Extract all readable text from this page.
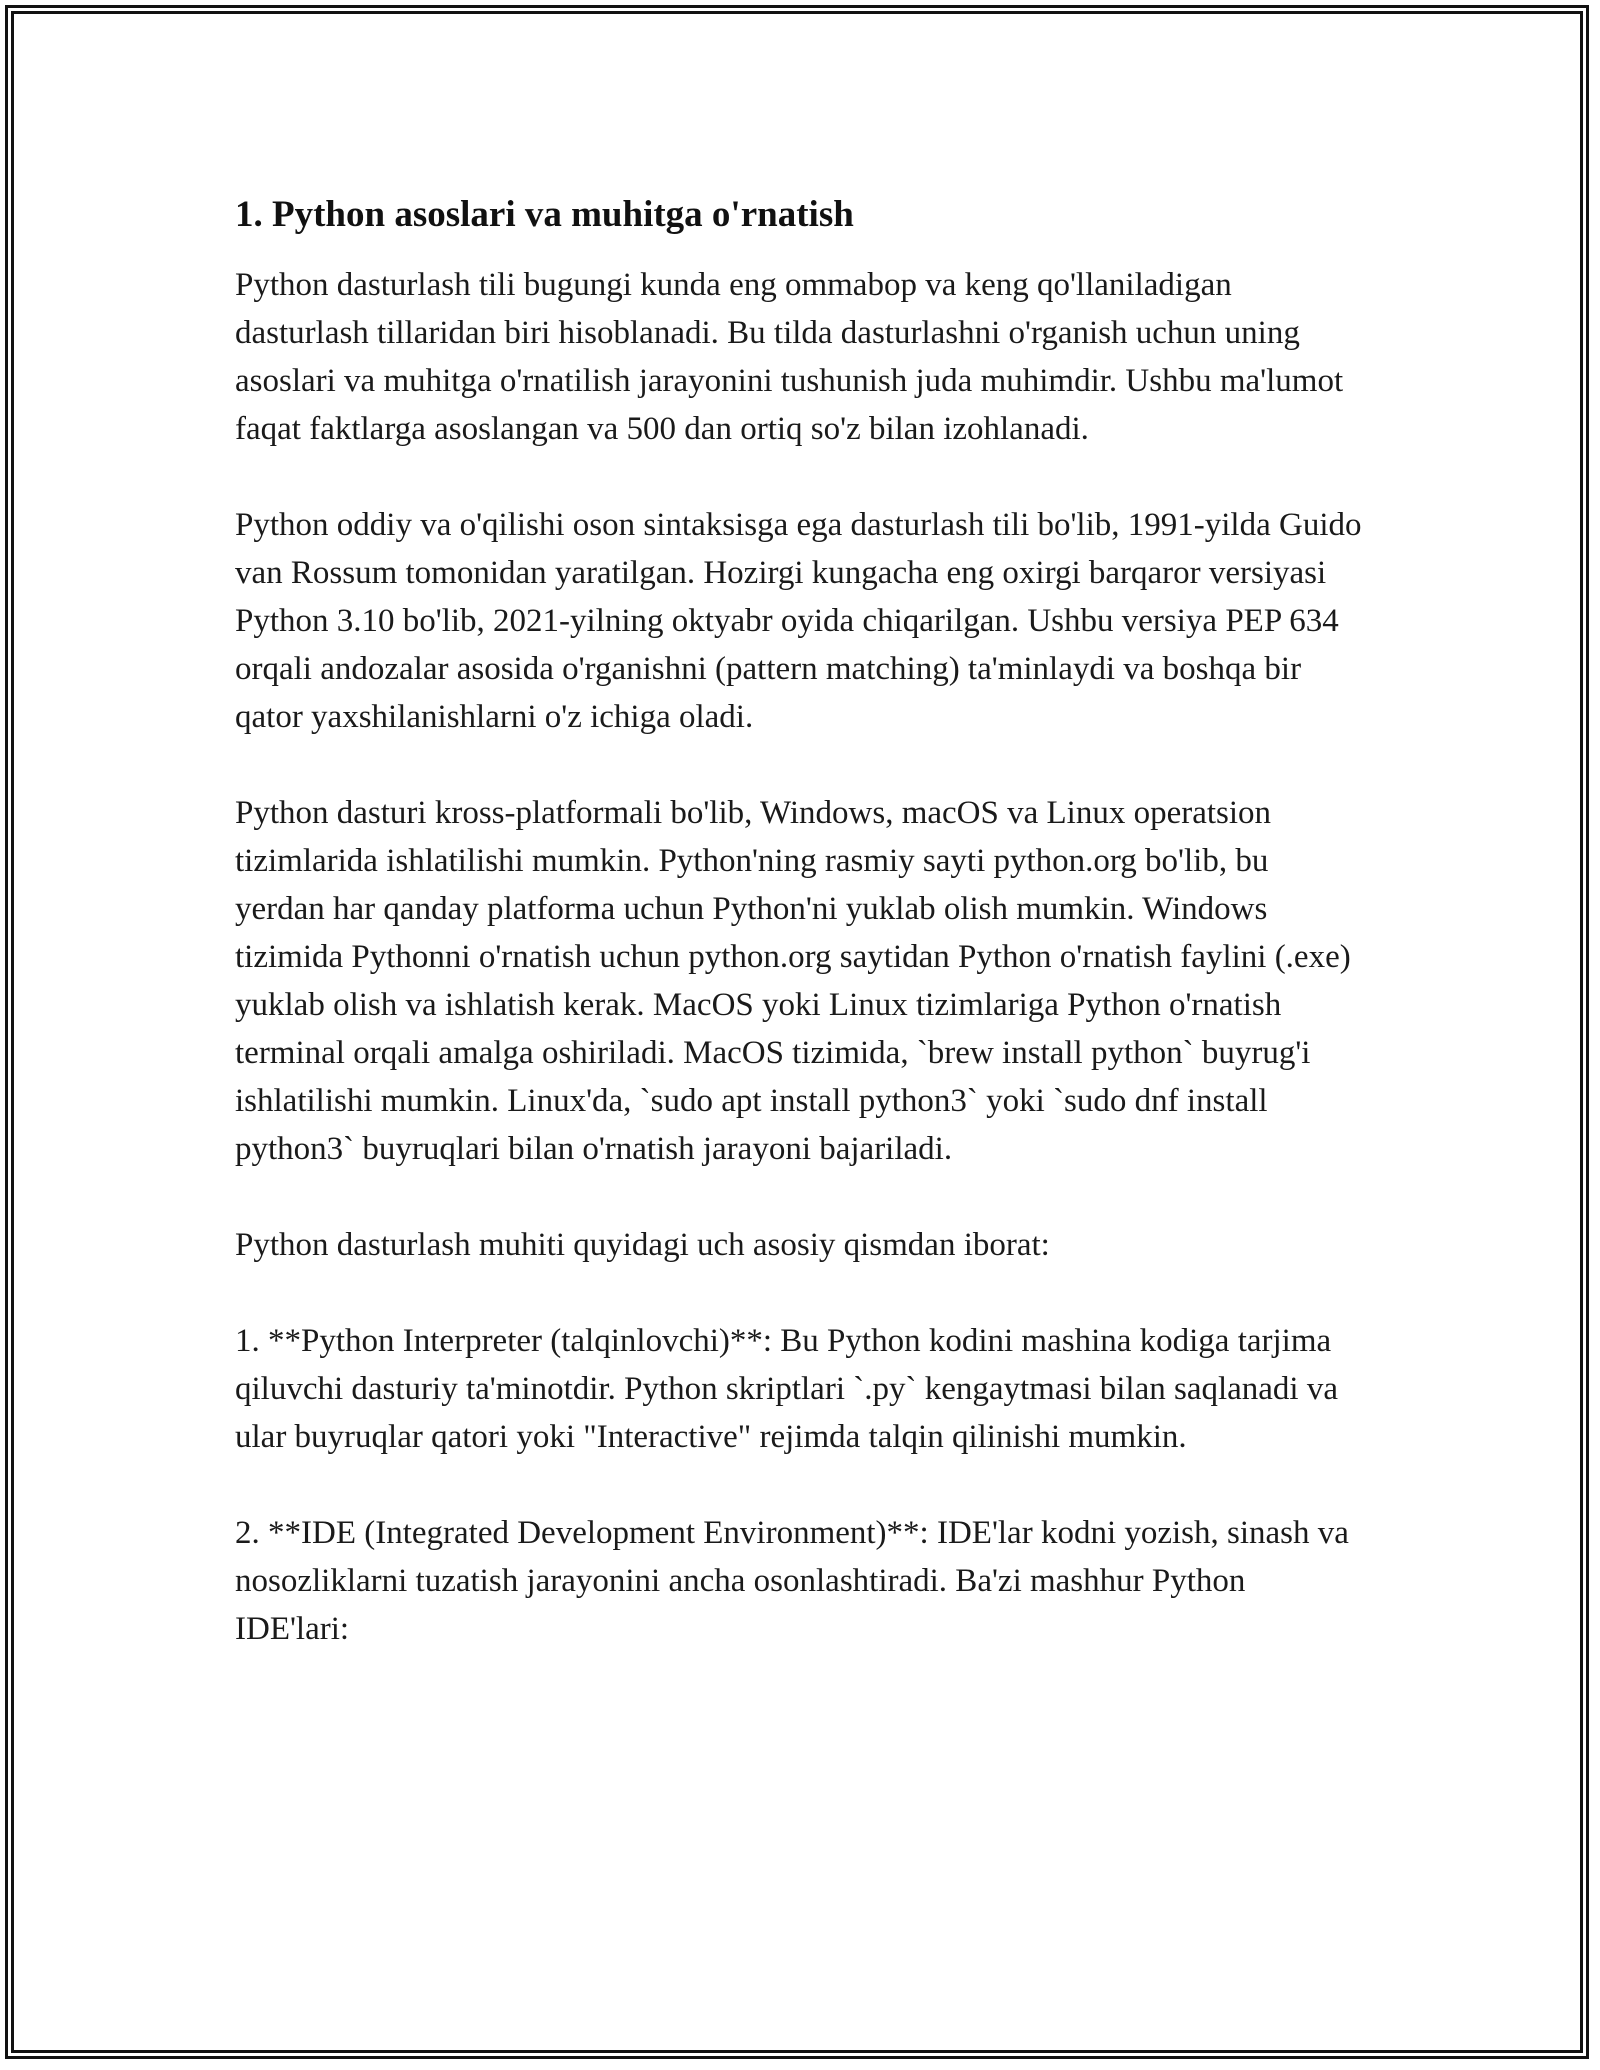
1. Python asoslari va muhitga o'rnatish

Python dasturlash tili bugungi kunda eng ommabop va keng qo'llaniladigan dasturlash tillaridan biri hisoblanadi. Bu tilda dasturlashni o'rganish uchun uning asoslari va muhitga o'rnatilish jarayonini tushunish juda muhimdir. Ushbu ma'lumot faqat faktlarga asoslangan va 500 dan ortiq so'z bilan izohlanadi.

Python oddiy va o'qilishi oson sintaksisga ega dasturlash tili bo'lib, 1991-yilda Guido van Rossum tomonidan yaratilgan. Hozirgi kungacha eng oxirgi barqaror versiyasi Python 3.10 bo'lib, 2021-yilning oktyabr oyida chiqarilgan. Ushbu versiya PEP 634 orqali andozalar asosida o'rganishni (pattern matching) ta'minlaydi va boshqa bir qator yaxshilanishlarni o'z ichiga oladi.

Python dasturi kross-platformali bo'lib, Windows, macOS va Linux operatsion tizimlarida ishlatilishi mumkin. Python'ning rasmiy sayti python.org bo'lib, bu yerdan har qanday platforma uchun Python'ni yuklab olish mumkin. Windows tizimida Pythonni o'rnatish uchun python.org saytidan Python o'rnatish faylini (.exe) yuklab olish va ishlatish kerak. MacOS yoki Linux tizimlariga Python o'rnatish terminal orqali amalga oshiriladi. MacOS tizimida, `brew install python` buyrug'i ishlatilishi mumkin. Linux'da, `sudo apt install python3` yoki `sudo dnf install python3` buyruqlari bilan o'rnatish jarayoni bajariladi.

Python dasturlash muhiti quyidagi uch asosiy qismdan iborat:

1. **Python Interpreter (talqinlovchi)**: Bu Python kodini mashina kodiga tarjima qiluvchi dasturiy ta'minotdir. Python skriptlari `.py` kengaytmasi bilan saqlanadi va ular buyruqlar qatori yoki "Interactive" rejimda talqin qilinishi mumkin.

2. **IDE (Integrated Development Environment)**: IDE'lar kodni yozish, sinash va nosozliklarni tuzatish jarayonini ancha osonlashtiradi. Ba'zi mashhur Python IDE'lari:
